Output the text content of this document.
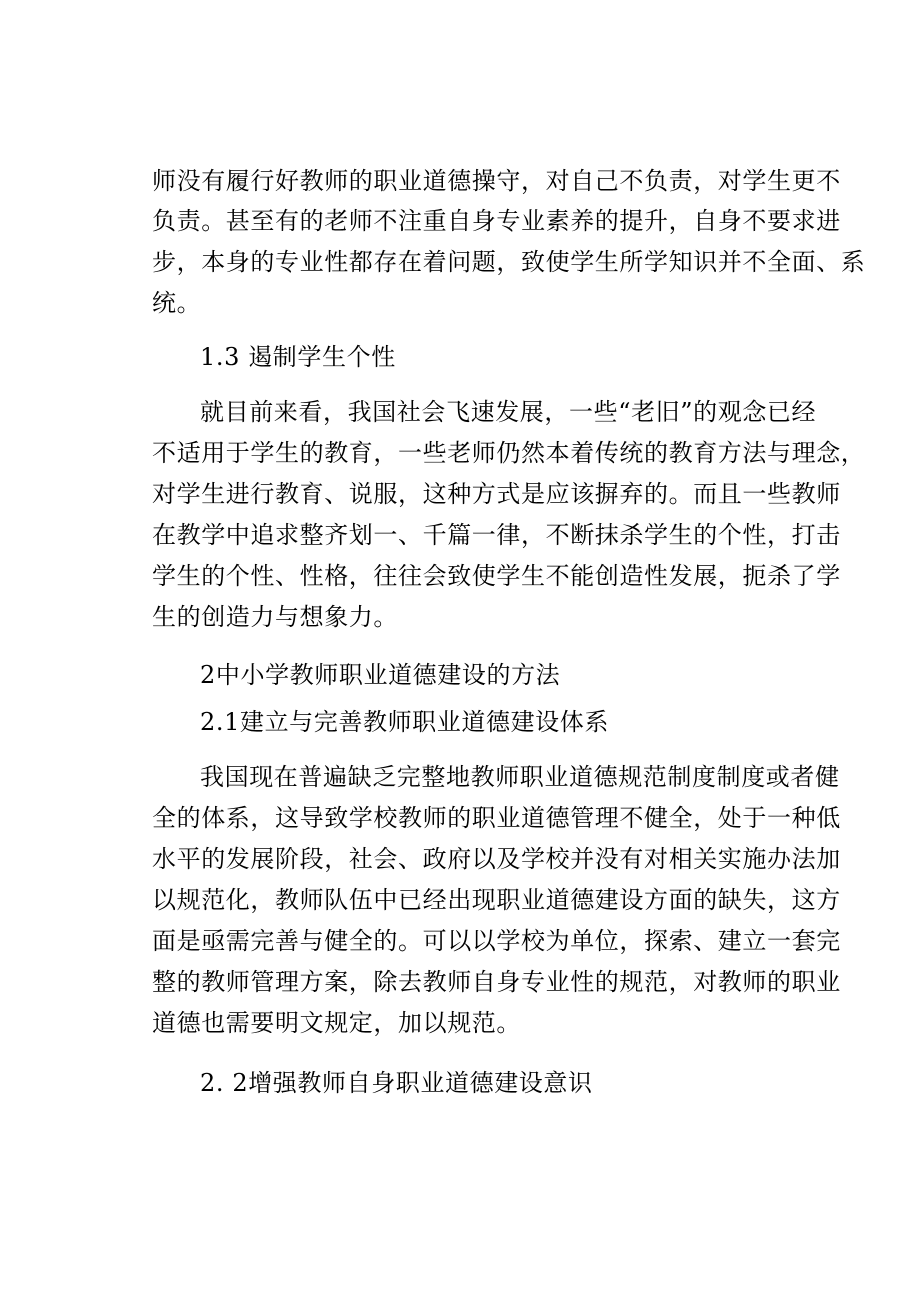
师没有履行好教师的职业道德操守，对自己不负责，对学生更不
负责。甚至有的老师不注重自身专业素养的提升，自身不要求进
步，本身的专业性都存在着问题，致使学生所学知识并不全面、系
统。
1.3 遏制学生个性
就目前来看，我国社会飞速发展，一些“老旧”的观念已经
不适用于学生的教育，一些老师仍然本着传统的教育方法与理念，
对学生进行教育、说服，这种方式是应该摒弃的。而且一些教师
在教学中追求整齐划一、千篇一律，不断抹杀学生的个性，打击
学生的个性、性格，往往会致使学生不能创造性发展，扼杀了学
生的创造力与想象力。
2中小学教师职业道德建设的方法
2.1建立与完善教师职业道德建设体系
我国现在普遍缺乏完整地教师职业道德规范制度制度或者健
全的体系，这导致学校教师的职业道德管理不健全，处于一种低
水平的发展阶段，社会、政府以及学校并没有对相关实施办法加
以规范化，教师队伍中已经出现职业道德建设方面的缺失，这方
面是亟需完善与健全的。可以以学校为单位，探索、建立一套完
整的教师管理方案，除去教师自身专业性的规范，对教师的职业
道德也需要明文规定，加以规范。
2. 2增强教师自身职业道德建设意识
